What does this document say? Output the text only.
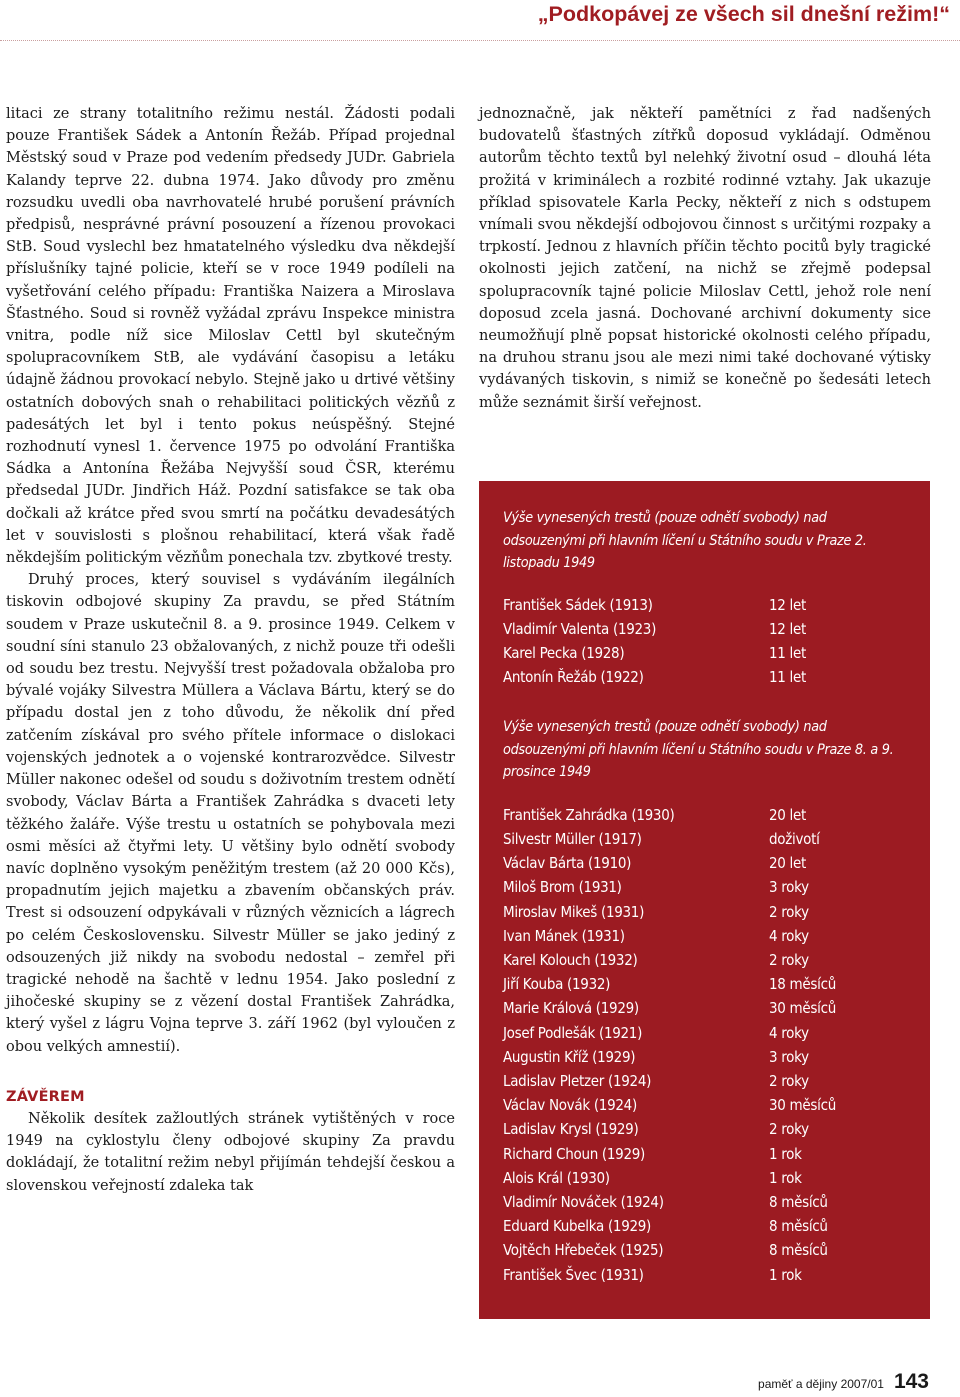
„Podkopávej ze všech sil dnešní režim!“

litaci ze strany totalitního režimu nestál. Žádosti podali pouze František Sádek a Antonín Řežáb. Případ projednal Městský soud v Praze pod vedením předsedy JUDr. Gabriela Kalandy teprve 22. dubna 1974. Jako důvody pro změnu rozsudku uvedli oba navrhovatelé hrubé porušení právních předpisů, nesprávné právní posouzení a řízenou provokaci StB. Soud vyslechl bez hmatatelného výsledku dva někdejší příslušníky tajné policie, kteří se v roce 1949 podíleli na vyšetřování celého případu: Františka Naizera a Miroslava Šťastného. Soud si rovněž vyžádal zprávu Inspekce ministra vnitra, podle níž sice Miloslav Cettl byl skutečným spolupracovníkem StB, ale vydávání časopisu a letáku údajně žádnou provokací nebylo. Stejně jako u drtivé většiny ostatních dobových snah o rehabilitaci politických vězňů z padesátých let byl i tento pokus neúspěšný. Stejné rozhodnutí vynesl 1. července 1975 po odvolání Františka Sádka a Antonína Řežába Nejvyšší soud ČSR, kterému předsedal JUDr. Jindřich Háž. Pozdní satisfakce se tak oba dočkali až krátce před svou smrtí na počátku devadesátých let v souvislosti s plošnou rehabilitací, která však řadě někdejším politickým vězňům ponechala tzv. zbytkové tresty.

Druhý proces, který souvisel s vydáváním ilegálních tiskovin odbojové skupiny Za pravdu, se před Státním soudem v Praze uskutečnil 8. a 9. prosince 1949. Celkem v soudní síni stanulo 23 obžalovaných, z nichž pouze tři odešli od soudu bez trestu. Nejvyšší trest požadovala obžaloba pro bývalé vojáky Silvestra Müllera a Václava Bártu, který se do případu dostal jen z toho důvodu, že několik dní před zatčením získával pro svého přítele informace o dislokaci vojenských jednotek a o vojenské kontrarozvědce. Silvestr Müller nakonec odešel od soudu s doživotním trestem odnětí svobody, Václav Bárta a František Zahrádka s dvaceti lety těžkého žaláře. Výše trestu u ostatních se pohybovala mezi osmi měsíci až čtyřmi lety. U většiny bylo odnětí svobody navíc doplněno vysokým peněžitým trestem (až 20 000 Kčs), propadnutím jejich majetku a zbavením občanských práv. Trest si odsouzení odpykávali v různých věznicích a lágrech po celém Československu. Silvestr Müller se jako jediný z odsouzených již nikdy na svobodu nedostal – zemřel při tragické nehodě na šachtě v lednu 1954. Jako poslední z jihočeské skupiny se z vězení dostal František Zahrádka, který vyšel z lágru Vojna teprve 3. září 1962 (byl vyloučen z obou velkých amnestií).

ZÁVĚREM

Několik desítek zažloutlých stránek vytištěných v roce 1949 na cyklostylu členy odbojové skupiny Za pravdu dokládají, že totalitní režim nebyl přijímán tehdejší českou a slovenskou veřejností zdaleka tak

jednoznačně, jak někteří pamětníci z řad nadšených budovatelů šťastných zítřků doposud vykládají. Odměnou autorům těchto textů byl nelehký životní osud – dlouhá léta prožitá v kriminálech a rozbité rodinné vztahy. Jak ukazuje příklad spisovatele Karla Pecky, někteří z nich s odstupem vnímali svou někdejší odbojovou činnost s určitými rozpaky a trpkostí. Jednou z hlavních příčin těchto pocitů byly tragické okolnosti jejich zatčení, na nichž se zřejmě podepsal spolupracovník tajné policie Miloslav Cettl, jehož role není doposud zcela jasná. Dochované archivní dokumenty sice neumožňují plně popsat historické okolnosti celého případu, na druhou stranu jsou ale mezi nimi také dochované výtisky vydávaných tiskovin, s nimiž se konečně po šedesáti letech může seznámit širší veřejnost.

Výše vynesených trestů (pouze odnětí svobody) nad odsouzenými při hlavním líčení u Státního soudu v Praze 2. listopadu 1949

František Sádek (1913)	12 let
Vladimír Valenta (1923)	12 let
Karel Pecka (1928)	11 let
Antonín Řežáb (1922)	11 let

Výše vynesených trestů (pouze odnětí svobody) nad odsouzenými při hlavním líčení u Státního soudu v Praze 8. a 9. prosince 1949

František Zahrádka (1930)	20 let
Silvestr Müller (1917)	doživotí
Václav Bárta (1910)	20 let
Miloš Brom (1931)	3 roky
Miroslav Mikeš (1931)	2 roky
Ivan Mánek (1931)	4 roky
Karel Kolouch (1932)	2 roky
Jiří Kouba (1932)	18 měsíců
Marie Králová (1929)	30 měsíců
Josef Podlešák (1921)	4 roky
Augustin Kříž (1929)	3 roky
Ladislav Pletzer (1924)	2 roky
Václav Novák (1924)	30 měsíců
Ladislav Krysl (1929)	2 roky
Richard Choun (1929)	1 rok
Alois Král (1930)	1 rok
Vladimír Nováček (1924)	8 měsíců
Eduard Kubelka (1929)	8 měsíců
Vojtěch Hřebeček (1925)	8 měsíců
František Švec (1931)	1 rok
paměť a dějiny 2007/01 143
